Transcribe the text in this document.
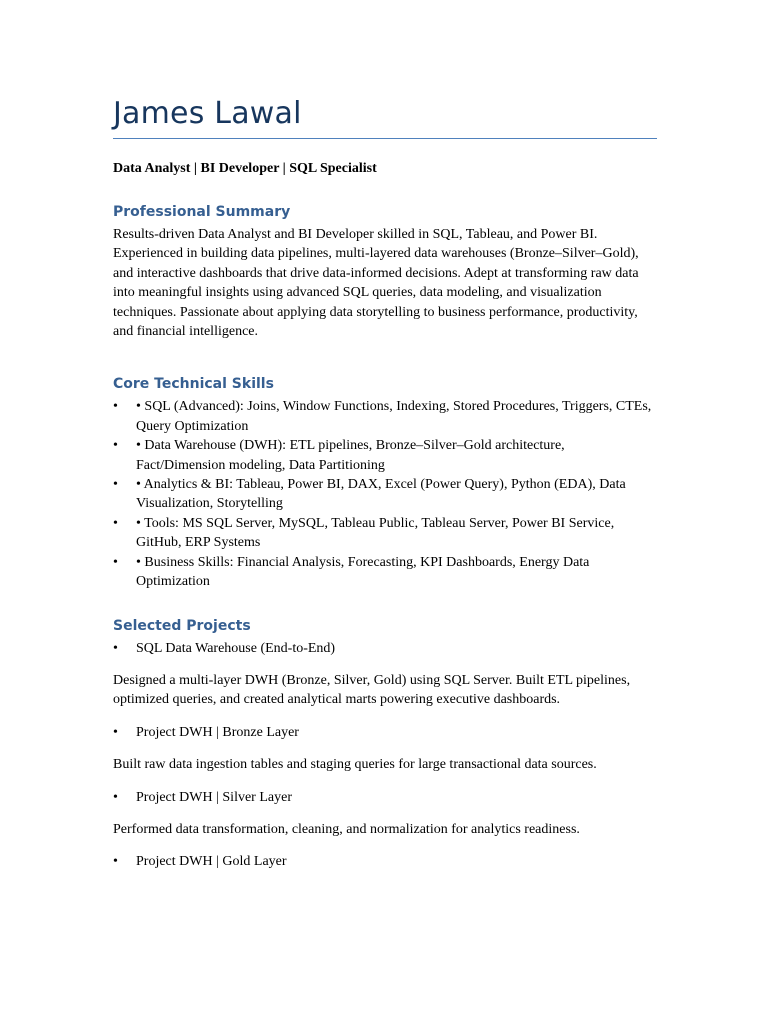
James Lawal
Data Analyst | BI Developer | SQL Specialist
Professional Summary

Results-driven Data Analyst and BI Developer skilled in SQL, Tableau, and Power BI. Experienced in building data pipelines, multi-layered data warehouses (Bronze–Silver–Gold), and interactive dashboards that drive data-informed decisions. Adept at transforming raw data into meaningful insights using advanced SQL queries, data modeling, and visualization techniques. Passionate about applying data storytelling to business performance, productivity, and financial intelligence.

Core Technical Skills
•	• SQL (Advanced): Joins, Window Functions, Indexing, Stored Procedures, Triggers, CTEs, Query Optimization
•	• Data Warehouse (DWH): ETL pipelines, Bronze–Silver–Gold architecture, Fact/Dimension modeling, Data Partitioning
•	• Analytics & BI: Tableau, Power BI, DAX, Excel (Power Query), Python (EDA), Data Visualization, Storytelling
•	• Tools: MS SQL Server, MySQL, Tableau Public, Tableau Server, Power BI Service, GitHub, ERP Systems
•	• Business Skills: Financial Analysis, Forecasting, KPI Dashboards, Energy Data Optimization
Selected Projects
• SQL Data Warehouse (End-to-End)
Designed a multi-layer DWH (Bronze, Silver, Gold) using SQL Server. Built ETL pipelines, optimized queries, and created analytical marts powering executive dashboards.
• Project DWH | Bronze Layer
Built raw data ingestion tables and staging queries for large transactional data sources.
• Project DWH | Silver Layer
Performed data transformation, cleaning, and normalization for analytics readiness.
• Project DWH | Gold Layer
